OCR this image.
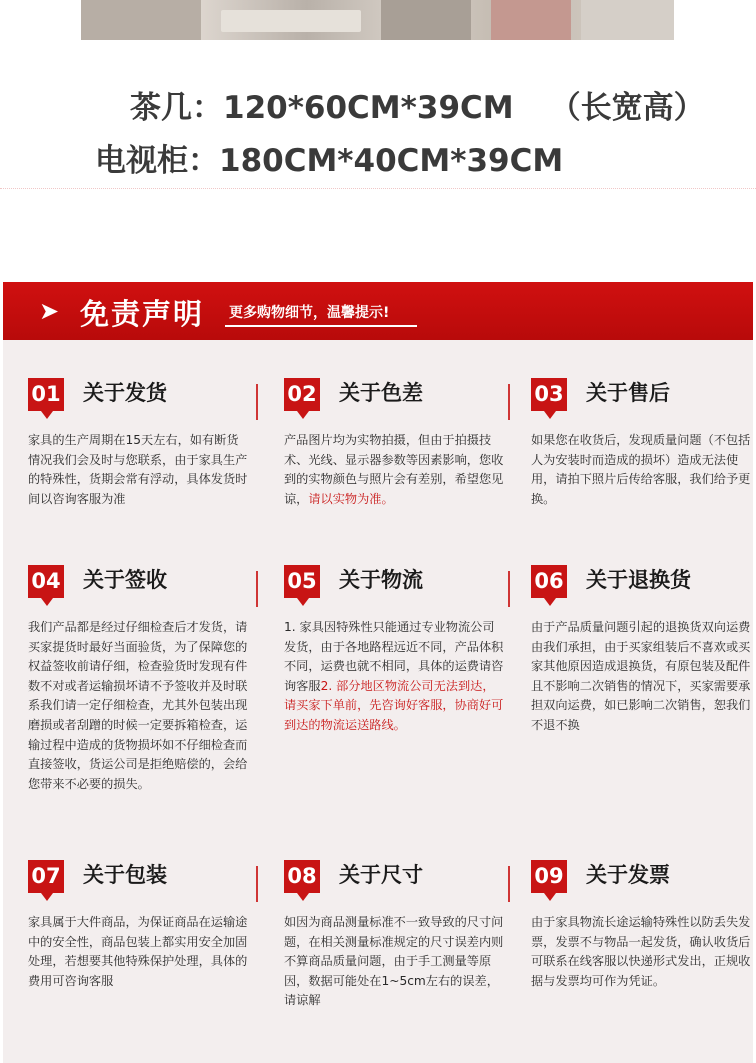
茶几：120*60CM*39CM （长宽高）
电视柜：180CM*40CM*39CM
➤ 免责声明 更多购物细节，温馨提示!
01 关于发货
家具的生产周期在15天左右，如有断货情况我们会及时与您联系，由于家具生产的特殊性，货期会常有浮动，具体发货时间以咨询客服为准
02 关于色差
产品图片均为实物拍摄，但由于拍摄技术、光线、显示器参数等因素影响，您收到的实物颜色与照片会有差别，希望您见谅，请以实物为准。
03 关于售后
如果您在收货后，发现质量问题（不包括人为安装时而造成的损坏）造成无法使用，请拍下照片后传给客服，我们给予更换。
04 关于签收
我们产品都是经过仔细检查后才发货，请买家提货时最好当面验货，为了保障您的权益签收前请仔细，检查验货时发现有件数不对或者运输损坏请不予签收并及时联系我们请一定仔细检查，尤其外包装出现磨损或者刮蹭的时候一定要拆箱检查，运输过程中造成的货物损坏如不仔细检查而直接签收，货运公司是拒绝赔偿的，会给您带来不必要的损失。
05 关于物流
1. 家具因特殊性只能通过专业物流公司发货，由于各地路程远近不同，产品体积不同，运费也就不相同，具体的运费请咨询客服2. 部分地区物流公司无法到达，请买家下单前，先咨询好客服，协商好可到达的物流运送路线。
06 关于退换货
由于产品质量问题引起的退换货双向运费由我们承担，由于买家组装后不喜欢或买家其他原因造成退换货，有原包装及配件且不影响二次销售的情况下，买家需要承担双向运费，如已影响二次销售，恕我们不退不换
07 关于包装
家具属于大件商品，为保证商品在运输途中的安全性，商品包装上都实用安全加固处理，若想要其他特殊保护处理，具体的费用可咨询客服
08 关于尺寸
如因为商品测量标准不一致导致的尺寸问题，在相关测量标准规定的尺寸误差内则不算商品质量问题，由于手工测量等原因，数据可能处在1~5cm左右的误差，请谅解
09 关于发票
由于家具物流长途运输特殊性以防丢失发票，发票不与物品一起发货，确认收货后可联系在线客服以快递形式发出，正规收据与发票均可作为凭证。
